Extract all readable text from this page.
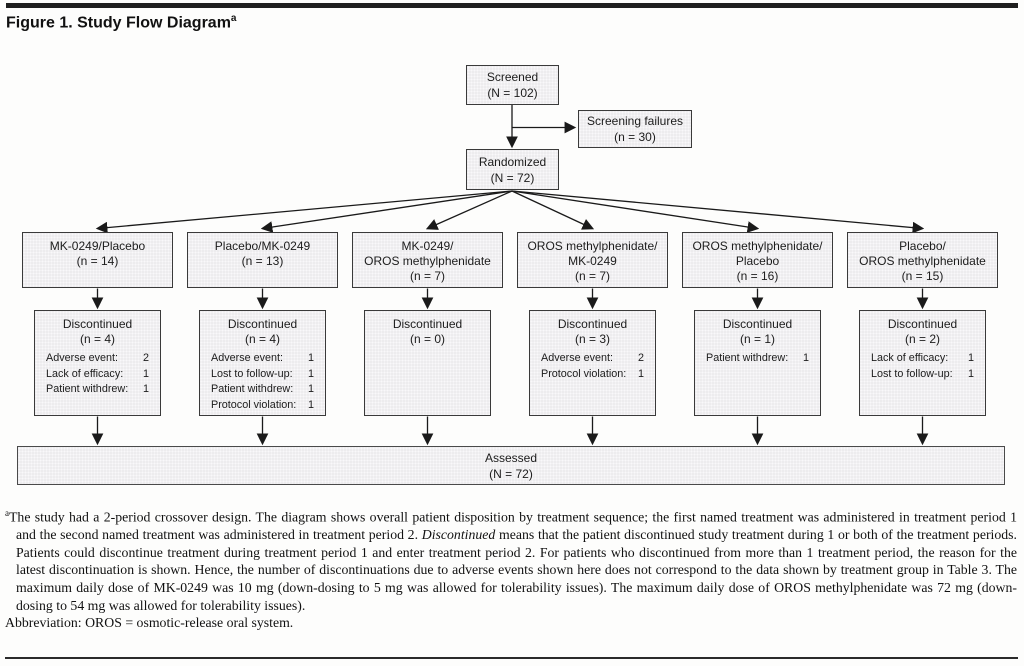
Figure 1. Study Flow Diagram$^a$
Screened
(N = 102)
Screening failures
(n = 30)
Randomized
(N = 72)
MK-0249/Placebo
(n = 14)
Discontinued
(n = 4)
Adverse event: 2
Lack of efficacy: 1
Patient withdrew: 1
Placebo/MK-0249
(n = 13)
Discontinued
(n = 4)
Adverse event: 1
Lost to follow-up: 1
Patient withdrew: 1
Protocol violation: 1
MK-0249/
OROS methylphenidate
(n = 7)
Discontinued
(n = 0)
OROS methylphenidate/
MK-0249
(n = 7)
Discontinued
(n = 3)
Adverse event: 2
Protocol violation: 1
OROS methylphenidate/
Placebo
(n = 16)
Discontinued
(n = 1)
Patient withdrew: 1
Placebo/
OROS methylphenidate
(n = 15)
Discontinued
(n = 2)
Lack of efficacy: 1
Lost to follow-up: 1
Assessed
(N = 72)

$^a$The study had a 2-period crossover design. The diagram shows overall patient disposition by treatment sequence; the first named treatment was administered in treatment period 1 and the second named treatment was administered in treatment period 2. Discontinued means that the patient discontinued study treatment during 1 or both of the treatment periods. Patients could discontinue treatment during treatment period 1 and enter treatment period 2. For patients who discontinued from more than 1 treatment period, the reason for the latest discontinuation is shown. Hence, the number of discontinuations due to adverse events shown here does not correspond to the data shown by treatment group in Table 3. The maximum daily dose of MK-0249 was 10 mg (down-dosing to 5 mg was allowed for tolerability issues). The maximum daily dose of OROS methylphenidate was 72 mg (down-dosing to 54 mg was allowed for tolerability issues).

Abbreviation: OROS = osmotic-release oral system.
